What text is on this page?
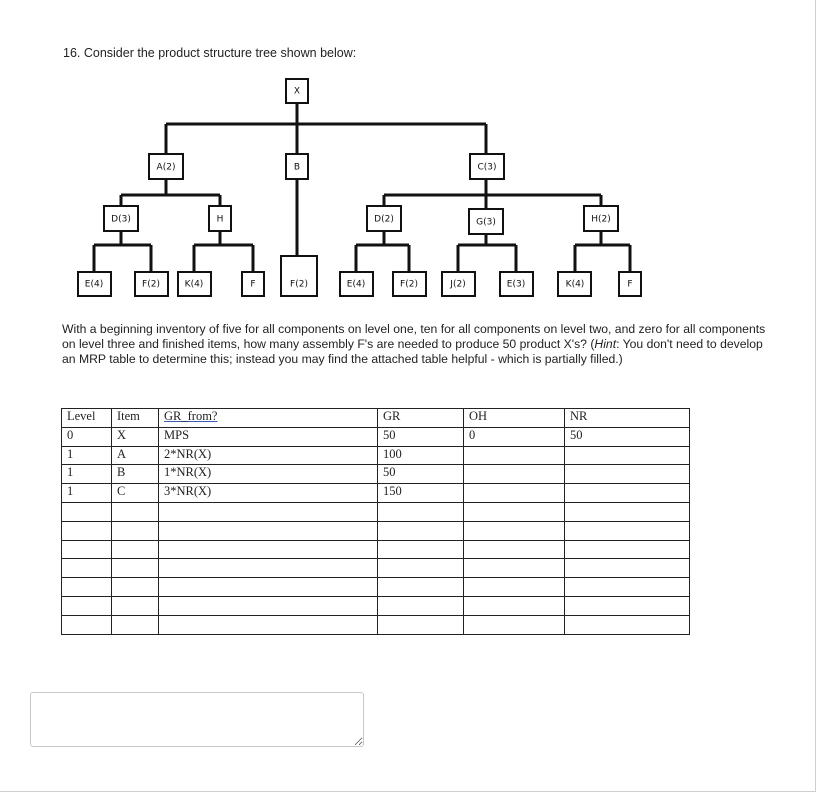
16. Consider the product structure tree shown below:

X
A(2)	B	C(3)
D(3)	H	D(2)	G(3)	H(2)
E(4)	F(2)	K(4)	F	F(2)	E(4)	F(2)	J(2)	E(3)	K(4)	F

With a beginning inventory of five for all components on level one, ten for all components on level two, and zero for all components on level three and finished items, how many assembly F's are needed to produce 50 product X's? (Hint: You don't need to develop an MRP table to determine this; instead you may find the attached table helpful - which is partially filled.)

Level	Item	GR_from?	GR	OH	NR
0	X	MPS	50	0	50
1	A	2*NR(X)	100		
1	B	1*NR(X)	50		
1	C	3*NR(X)	150		
